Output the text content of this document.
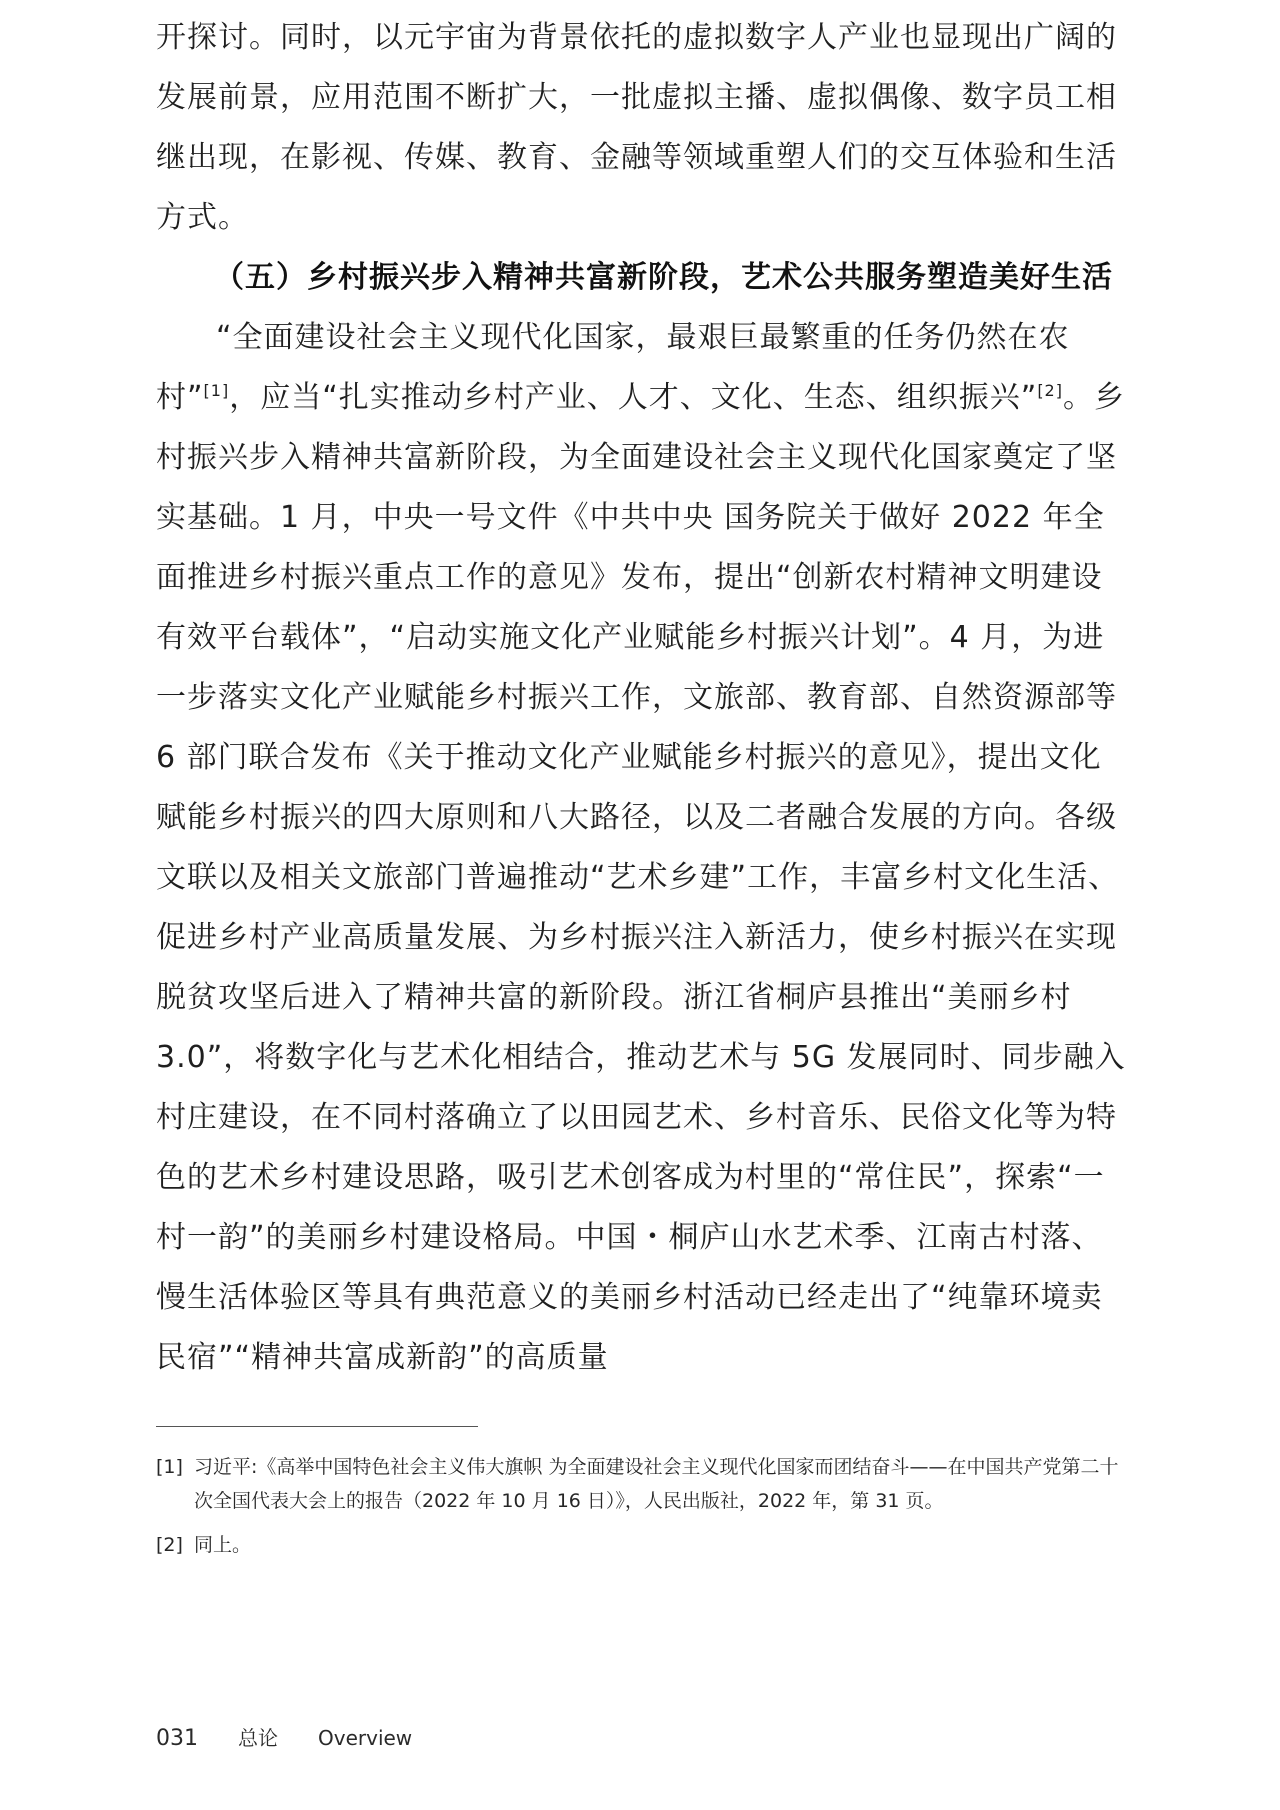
开探讨。同时，以元宇宙为背景依托的虚拟数字人产业也显现出广阔的发展前景，应用范围不断扩大，一批虚拟主播、虚拟偶像、数字员工相继出现，在影视、传媒、教育、金融等领域重塑人们的交互体验和生活方式。
（五）乡村振兴步入精神共富新阶段，艺术公共服务塑造美好生活

“全面建设社会主义现代化国家，最艰巨最繁重的任务仍然在农村”[1]，应当“扎实推动乡村产业、人才、文化、生态、组织振兴”[2]。乡村振兴步入精神共富新阶段，为全面建设社会主义现代化国家奠定了坚实基础。1 月，中央一号文件《中共中央 国务院关于做好 2022 年全面推进乡村振兴重点工作的意见》发布，提出“创新农村精神文明建设有效平台载体”，“启动实施文化产业赋能乡村振兴计划”。4 月，为进一步落实文化产业赋能乡村振兴工作，文旅部、教育部、自然资源部等 6 部门联合发布《关于推动文化产业赋能乡村振兴的意见》，提出文化赋能乡村振兴的四大原则和八大路径，以及二者融合发展的方向。各级文联以及相关文旅部门普遍推动“艺术乡建”工作，丰富乡村文化生活、促进乡村产业高质量发展、为乡村振兴注入新活力，使乡村振兴在实现脱贫攻坚后进入了精神共富的新阶段。浙江省桐庐县推出“美丽乡村 3.0”，将数字化与艺术化相结合，推动艺术与 5G 发展同时、同步融入村庄建设，在不同村落确立了以田园艺术、乡村音乐、民俗文化等为特色的艺术乡村建设思路，吸引艺术创客成为村里的“常住民”，探索“一村一韵”的美丽乡村建设格局。中国・桐庐山水艺术季、江南古村落、慢生活体验区等具有典范意义的美丽乡村活动已经走出了“纯靠环境卖民宿”“精神共富成新韵”的高质量

[1] 习近平:《高举中国特色社会主义伟大旗帜 为全面建设社会主义现代化国家而团结奋斗——在中国共产党第二十次全国代表大会上的报告（2022 年 10 月 16 日）》，人民出版社，2022 年，第 31 页。
[2] 同上。
031 总论 Overview
